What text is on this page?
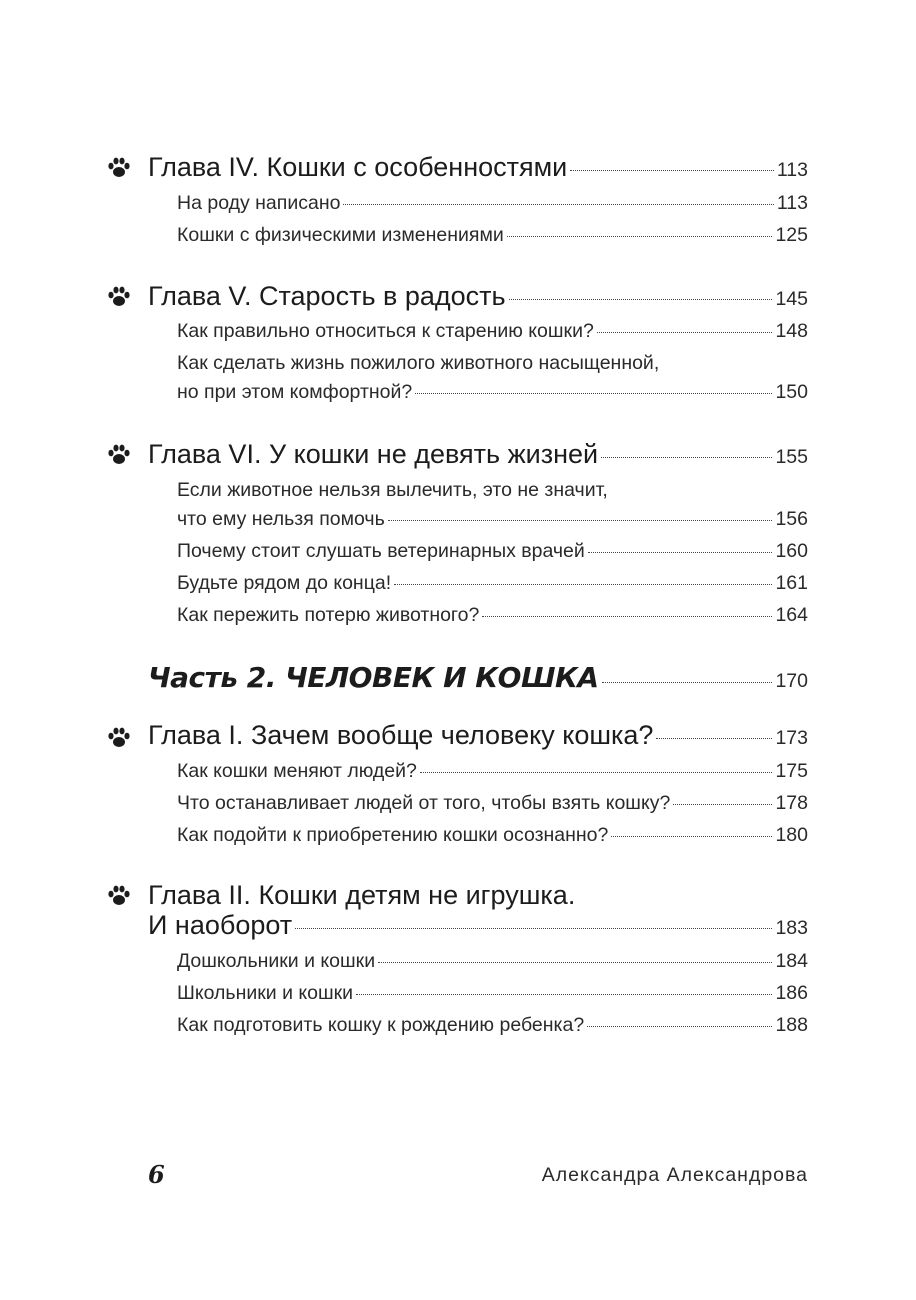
Глава IV. Кошки с особенностями	113
На роду написано	113
Кошки с физическими изменениями	125
Глава V. Старость в радость	145
Как правильно относиться к старению кошки?	148
Как сделать жизнь пожилого животного насыщенной,
но при этом комфортной?	150
Глава VI. У кошки не девять жизней	155
Если животное нельзя вылечить, это не значит,
что ему нельзя помочь	156
Почему стоит слушать ветеринарных врачей	160
Будьте рядом до конца!	161
Как пережить потерю животного?	164
Часть 2. ЧЕЛОВЕК И КОШКА	170
Глава I. Зачем вообще человеку кошка?	173
Как кошки меняют людей?	175
Что останавливает людей от того, чтобы взять кошку?	178
Как подойти к приобретению кошки осознанно?	180
Глава II. Кошки детям не игрушка.
И наоборот	183
Дошкольники и кошки	184
Школьники и кошки	186
Как подготовить кошку к рождению ребенка?	188
6	Александра Александрова
